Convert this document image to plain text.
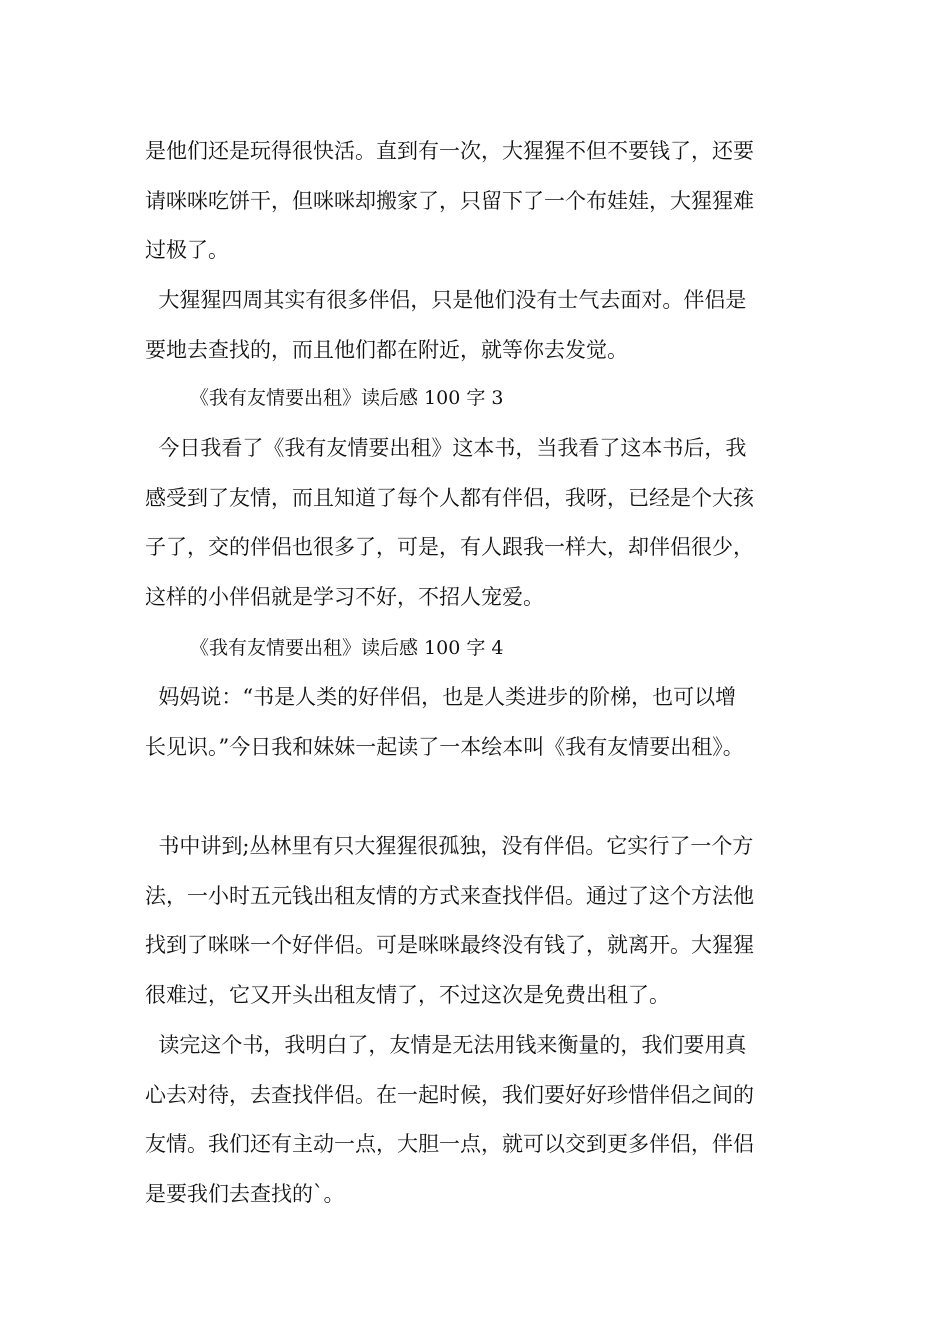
是他们还是玩得很快活。直到有一次，大猩猩不但不要钱了，还要
请咪咪吃饼干，但咪咪却搬家了，只留下了一个布娃娃，大猩猩难
过极了。
大猩猩四周其实有很多伴侣，只是他们没有士气去面对。伴侣是
要地去查找的，而且他们都在附近，就等你去发觉。
《我有友情要出租》读后感 100 字 3
今日我看了《我有友情要出租》这本书，当我看了这本书后，我
感受到了友情，而且知道了每个人都有伴侣，我呀，已经是个大孩
子了，交的伴侣也很多了，可是，有人跟我一样大，却伴侣很少，
这样的小伴侣就是学习不好，不招人宠爱。
《我有友情要出租》读后感 100 字 4
妈妈说：“书是人类的好伴侣，也是人类进步的阶梯，也可以增
长见识。”今日我和妹妹一起读了一本绘本叫《我有友情要出租》。
书中讲到;丛林里有只大猩猩很孤独，没有伴侣。它实行了一个方
法，一小时五元钱出租友情的方式来查找伴侣。通过了这个方法他
找到了咪咪一个好伴侣。可是咪咪最终没有钱了，就离开。大猩猩
很难过，它又开头出租友情了，不过这次是免费出租了。
读完这个书，我明白了，友情是无法用钱来衡量的，我们要用真
心去对待，去查找伴侣。在一起时候，我们要好好珍惜伴侣之间的
友情。我们还有主动一点，大胆一点，就可以交到更多伴侣，伴侣
是要我们去查找的`。
